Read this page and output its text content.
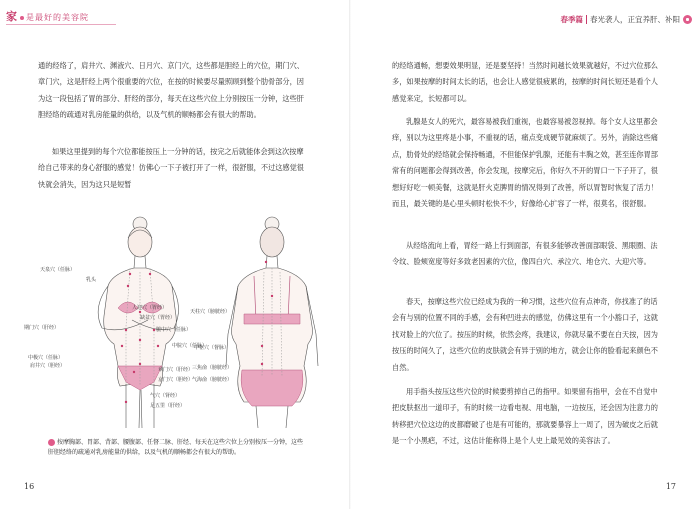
家 是最好的美容院

通的经络了，肩井穴、渊液穴、日月穴、京门穴，这些都是胆经上的穴位，期门穴、章门穴，这是肝经上两个很重要的穴位，在按的时候要尽量照顾到整个肋骨部分，因为这一段包括了胃的部分、肝经的部分，每天在这些穴位上分别按压一分钟，这些肝胆经络的疏通对乳房能量的供给，以及气机的顺畅都会有很大的帮助。

如果这里提到的每个穴位都能按压上一分钟的话，按完之后就能体会到这次按摩给自己带来的身心舒服的感觉！仿佛心一下子被打开了一样，很舒服，不过这感觉很快就会消失，因为这只是短暂

天泉穴（任脉）
乳头
人迎穴（胃经）
缺盆穴（胃经）
膻中穴（任脉）
期门穴（肝经）
章门穴（肝经）
京门穴（胆经）
中脘穴（任脉）
中极穴（任脉）
肩井穴（胆经）
气穴（肾经）
足五里（肝经）
天柱穴（膀胱经）
中枢穴（督脉）
三焦俞（膀胱经）
气海俞（膀胱经）
按摩胸部、胃部、背部、腰腹部、任督二脉、肝经、每天在这些穴位上分别按压一分钟，这些肝胆经络的疏通对乳房能量的供给，以及气机的顺畅都会有很大的帮助。
16
春季篇 春光袭人，正宜养肝、补阳

的经络通畅，想要效果明显，还是要坚持！当然时间越长效果就越好，不过穴位那么多，如果按摩的时间太长的话，也会让人感觉很疲累的，按摩的时间长短还是看个人感觉来定，长短都可以。

乳腺是女人的死穴，最容易被我们重视，也最容易被忽视掉。每个女人这里都会痒，别以为这里疼是小事，不重视的话，痛点变成硬节就麻烦了。另外，消除这些痛点，肋骨处的经络就会保持畅通，不但能保护乳腺，还能有丰胸之效，甚至连你胃部常有的问题都会得到改善，你会发现，按摩完后，你好久不开的胃口一下子开了，很想好好吃一顿美餐，这就是肝火克脾胃的情况得到了改善，所以胃智时恢复了活力！而且，最关键的是心里头顿时松快不少，好像给心扩容了一样，很莫名，很舒服。

从经络流向上看，胃经一路上行到面部，有很多能够改善面部眼袋、黑眼圈、法令纹、脸颊宽度等好多致老因素的穴位，像四白穴、承泣穴、地仓穴、大迎穴等。

春天，按摩这些穴位已经成为我的一种习惯，这些穴位有点神奇，你找准了的话会有与别的位置不同的手感，会有种凹进去的感觉，仿佛这里有一个小豁口子，这就找对脸上的穴位了。按压的时候，依然会疼，我建议，你就尽量不要在白天按，因为按压的时间久了，这些穴位的皮肤就会有异于别的地方，就会让你的脸看起来颜色不自然。

用手指头按压这些穴位的时候要剪掉自己的指甲。如果留有指甲，会在不自觉中把皮肤抠出一道印子，有的时候一边看电视、用电脑，一边按压，还会因为注意力的转移把穴位这边的皮都磨破了也是有可能的，那就要暴容上一周了，因为破皮之后就是一个小黑疤，不过，这估计能称得上是个人史上最见效的美容法了。

17
